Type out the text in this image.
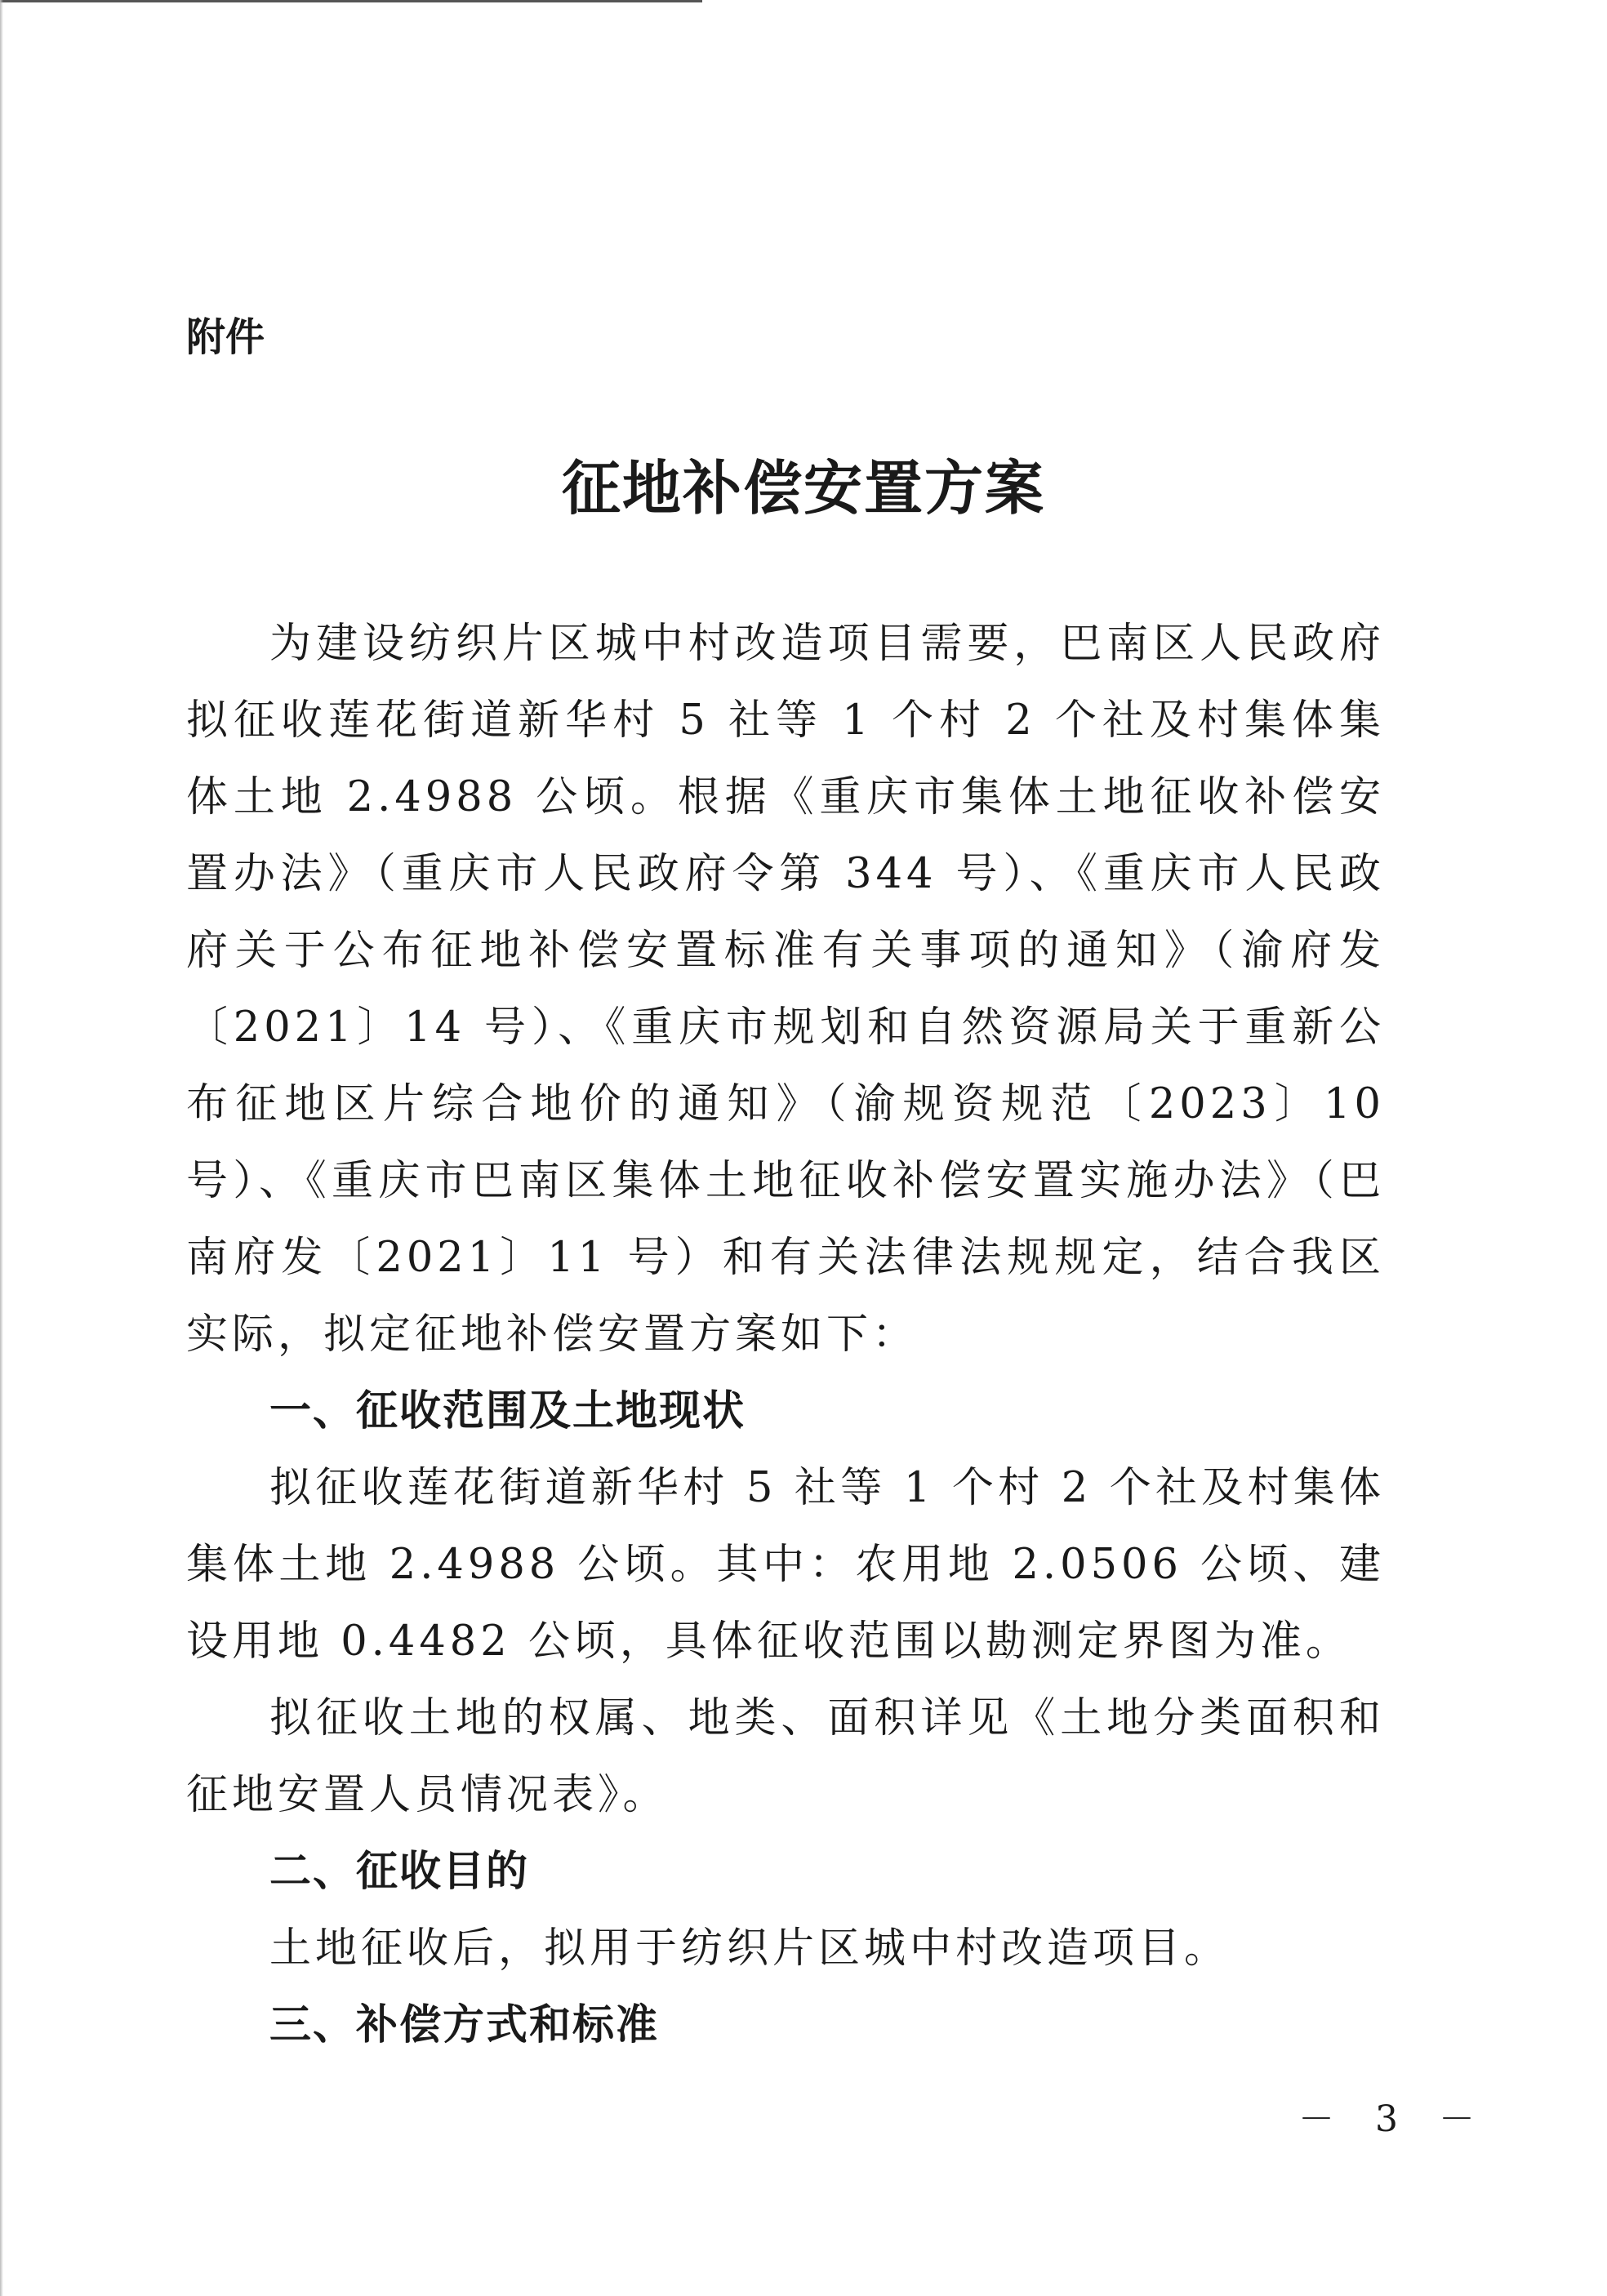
附件
征地补偿安置方案

为建设纺织片区城中村改造项目需要，巴南区人民政府拟征收莲花街道新华村 5 社等 1 个村 2 个社及村集体集体土地 2.4988 公顷。根据《重庆市集体土地征收补偿安置办法》（重庆市人民政府令第 344 号）、《重庆市人民政府关于公布征地补偿安置标准有关事项的通知》（渝府发〔2021〕14 号）、《重庆市规划和自然资源局关于重新公布征地区片综合地价的通知》（渝规资规范〔2023〕10 号）、《重庆市巴南区集体土地征收补偿安置实施办法》（巴南府发〔2021〕11 号）和有关法律法规规定，结合我区实际，拟定征地补偿安置方案如下：

一、征收范围及土地现状

拟征收莲花街道新华村 5 社等 1 个村 2 个社及村集体集体土地 2.4988 公顷。其中：农用地 2.0506 公顷、建设用地 0.4482 公顷，具体征收范围以勘测定界图为准。

拟征收土地的权属、地类、面积详见《土地分类面积和征地安置人员情况表》。

二、征收目的

土地征收后，拟用于纺织片区城中村改造项目。

三、补偿方式和标准

－ 3 －
